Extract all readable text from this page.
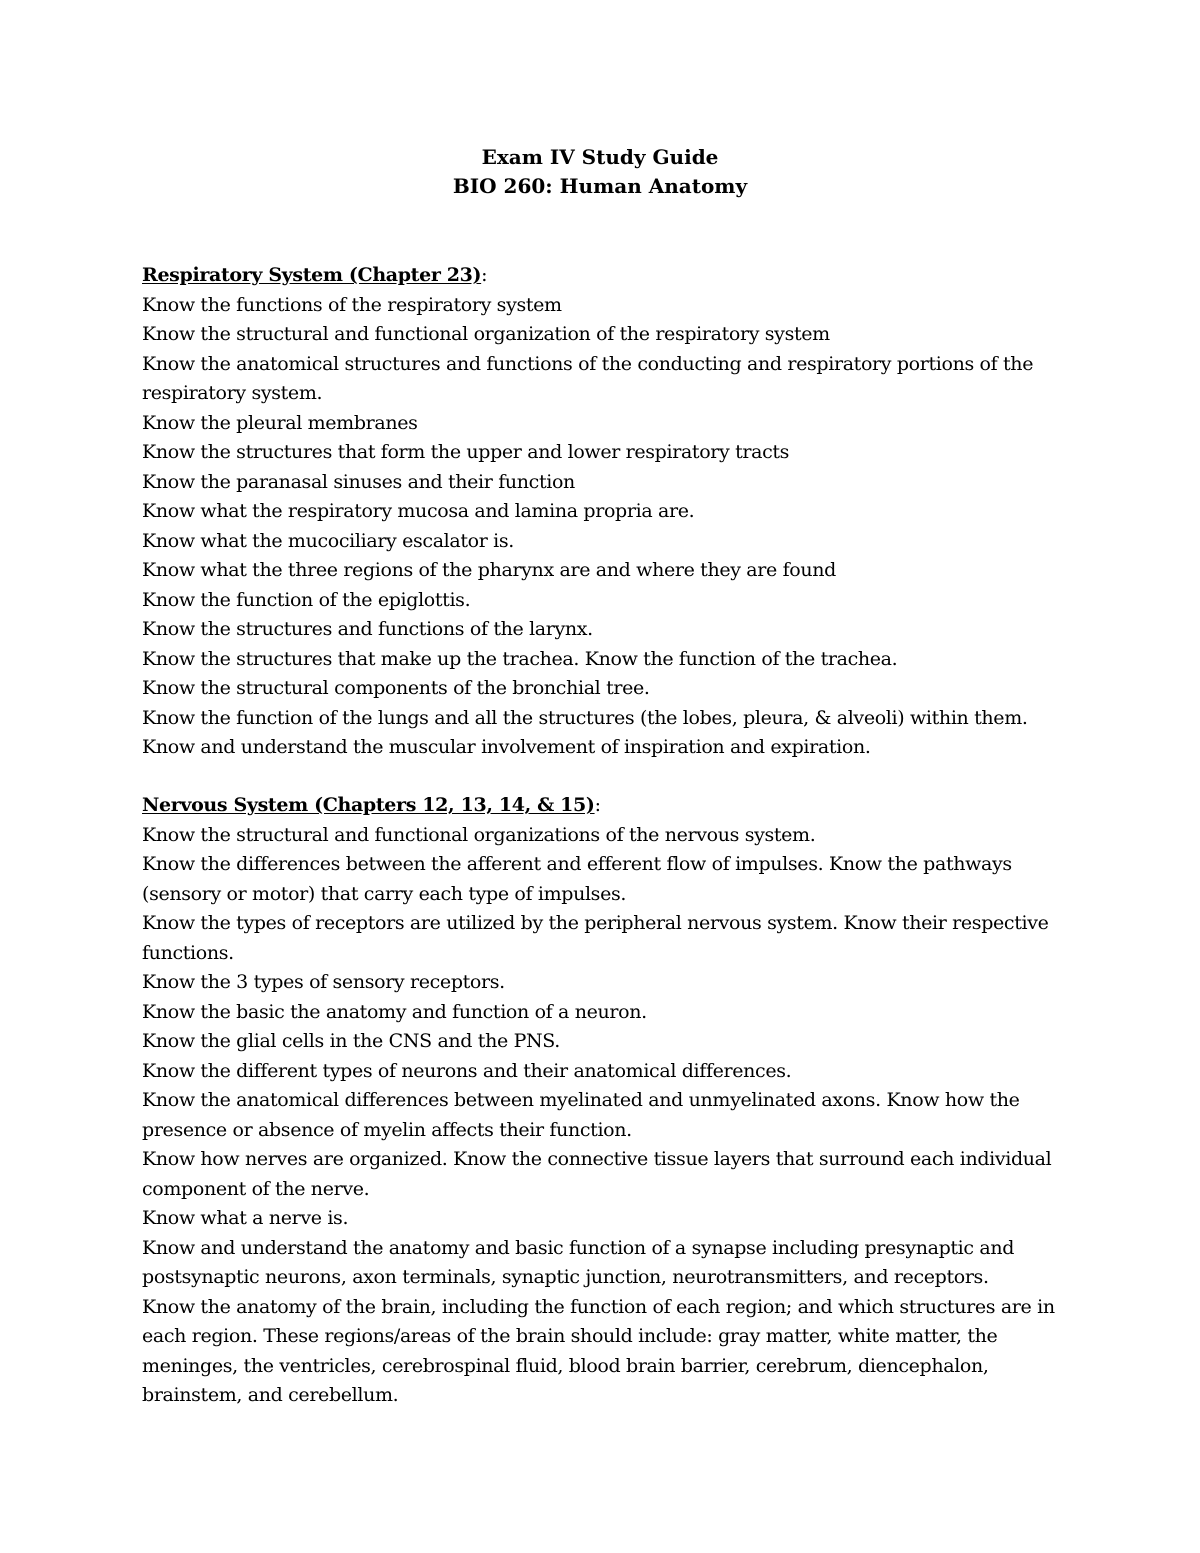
Exam IV Study Guide
BIO 260: Human Anatomy
Respiratory System (Chapter 23):
Know the functions of the respiratory system
Know the structural and functional organization of the respiratory system
Know the anatomical structures and functions of the conducting and respiratory portions of the respiratory system.
Know the pleural membranes
Know the structures that form the upper and lower respiratory tracts
Know the paranasal sinuses and their function
Know what the respiratory mucosa and lamina propria are.
Know what the mucociliary escalator is.
Know what the three regions of the pharynx are and where they are found
Know the function of the epiglottis.
Know the structures and functions of the larynx.
Know the structures that make up the trachea. Know the function of the trachea.
Know the structural components of the bronchial tree.
Know the function of the lungs and all the structures (the lobes, pleura, & alveoli) within them.
Know and understand the muscular involvement of inspiration and expiration.
Nervous System (Chapters 12, 13, 14, & 15):
Know the structural and functional organizations of the nervous system.
Know the differences between the afferent and efferent flow of impulses. Know the pathways (sensory or motor) that carry each type of impulses.
Know the types of receptors are utilized by the peripheral nervous system. Know their respective functions.
Know the 3 types of sensory receptors.
Know the basic the anatomy and function of a neuron.
Know the glial cells in the CNS and the PNS.
Know the different types of neurons and their anatomical differences.
Know the anatomical differences between myelinated and unmyelinated axons. Know how the presence or absence of myelin affects their function.
Know how nerves are organized. Know the connective tissue layers that surround each individual component of the nerve.
Know what a nerve is.
Know and understand the anatomy and basic function of a synapse including presynaptic and postsynaptic neurons, axon terminals, synaptic junction, neurotransmitters, and receptors.
Know the anatomy of the brain, including the function of each region; and which structures are in each region. These regions/areas of the brain should include: gray matter, white matter, the meninges, the ventricles, cerebrospinal fluid, blood brain barrier, cerebrum, diencephalon, brainstem, and cerebellum.
